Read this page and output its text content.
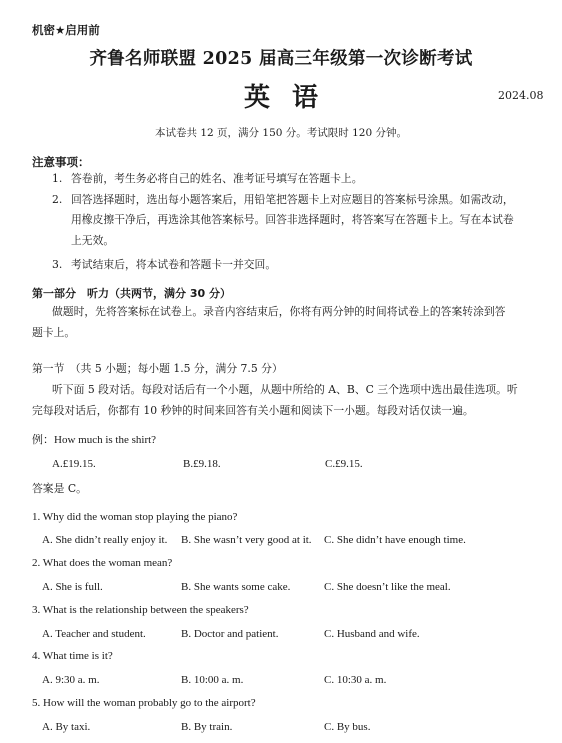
机密★启用前
齐鲁名师联盟 2025 届高三年级第一次诊断考试
英语	2024.08
本试卷共 12 页，满分 150 分。考试限时 120 分钟。
注意事项：
1. 答卷前，考生务必将自己的姓名、准考证号填写在答题卡上。
2. 回答选择题时，选出每小题答案后，用铅笔把答题卡上对应题目的答案标号涂黑。如需改动，
用橡皮擦干净后，再选涂其他答案标号。回答非选择题时，将答案写在答题卡上。写在本试卷
上无效。
3. 考试结束后，将本试卷和答题卡一并交回。
第一部分　听力（共两节，满分 30 分）
做题时，先将答案标在试卷上。录音内容结束后，你将有两分钟的时间将试卷上的答案转涂到答
题卡上。
第一节　（共 5 小题；每小题 1.5 分，满分 7.5 分）
听下面 5 段对话。每段对话后有一个小题，从题中所给的 A、B、C 三个选项中选出最佳选项。听
完每段对话后，你都有 10 秒钟的时间来回答有关小题和阅读下一小题。每段对话仅读一遍。
例：How much is the shirt?
A.£19.15.	B.£9.18.	C.£9.15.
答案是 C。
1. Why did the woman stop playing the piano?
A. She didn’t really enjoy it. B. She wasn’t very good at it. C. She didn’t have enough time.
2. What does the woman mean?
A. She is full.	B. She wants some cake.	C. She doesn’t like the meal.
3. What is the relationship between the speakers?
A. Teacher and student.	B. Doctor and patient.	C. Husband and wife.
4. What time is it?
A. 9:30 a. m.	B. 10:00 a. m.	C. 10:30 a. m.
5. How will the woman probably go to the airport?
A. By taxi.	B. By train.	C. By bus.
